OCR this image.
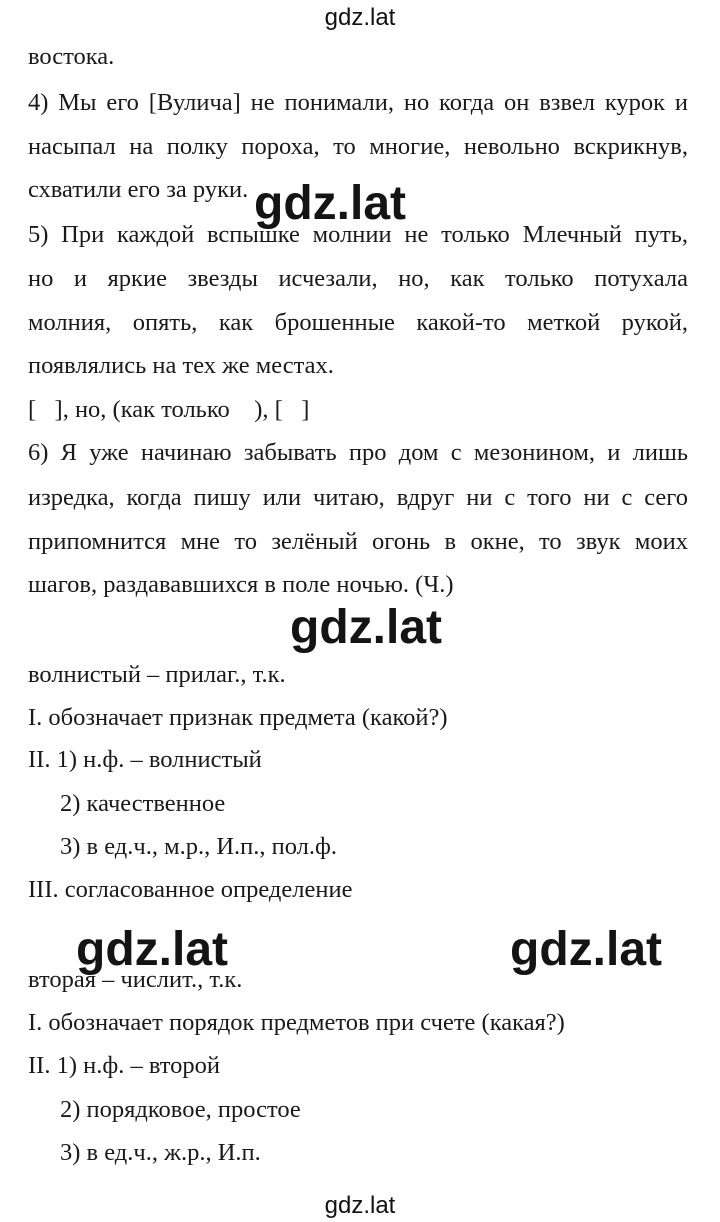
gdz.lat
востока.
4) Мы его [Вулича] не понимали, но когда он взвел курок и
насыпал на полку пороха, то многие, невольно вскрикнув,
схватили его за руки.
5) При каждой вспышке молнии не только Млечный путь,
но и яркие звезды исчезали, но, как только потухала
молния, опять, как брошенные какой-то меткой рукой,
появлялись на тех же местах.
[   ], но, (как только    ), [   ]
6) Я уже начинаю забывать про дом с мезонином, и лишь
изредка, когда пишу или читаю, вдруг ни с того ни с сего
припомнится мне то зелёный огонь в окне, то звук моих
шагов, раздававшихся в поле ночью. (Ч.)
волнистый – прилаг., т.к.
I. обозначает признак предмета (какой?)
II. 1) н.ф. – волнистый
2) качественное
3) в ед.ч., м.р., И.п., пол.ф.
III. согласованное определение
вторая – числит., т.к.
I. обозначает порядок предметов при счете (какая?)
II. 1) н.ф. – второй
2) порядковое, простое
3) в ед.ч., ж.р., И.п.
gdz.lat
gdz.lat
gdz.lat	gdz.lat
gdz.lat
